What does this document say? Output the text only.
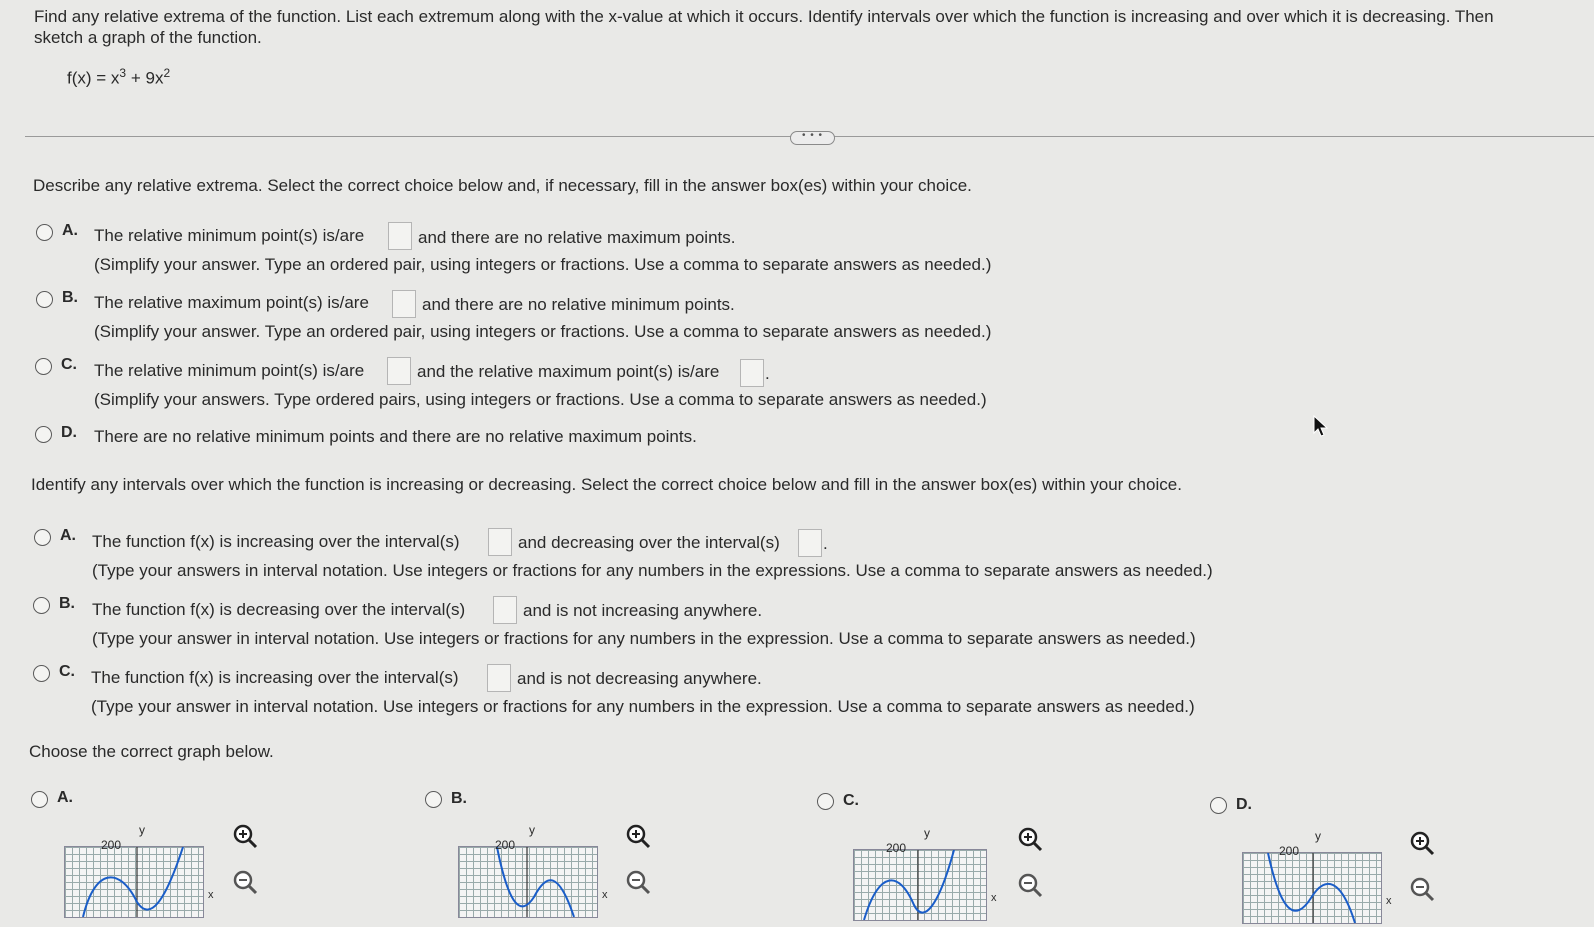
Find any relative extrema of the function. List each extremum along with the x-value at which it occurs. Identify intervals over which the function is increasing and over which it is decreasing. Then
sketch a graph of the function.
$f(x) = x^3 + 9x^2$
• • •
Describe any relative extrema. Select the correct choice below and, if necessary, fill in the answer box(es) within your choice.
A. The relative minimum point(s) is/are	and there are no relative maximum points.
(Simplify your answer. Type an ordered pair, using integers or fractions. Use a comma to separate answers as needed.)
B. The relative maximum point(s) is/are	and there are no relative minimum points.
(Simplify your answer. Type an ordered pair, using integers or fractions. Use a comma to separate answers as needed.)
C. The relative minimum point(s) is/are	and the relative maximum point(s) is/are	.
(Simplify your answers. Type ordered pairs, using integers or fractions. Use a comma to separate answers as needed.)
D. There are no relative minimum points and there are no relative maximum points.
Identify any intervals over which the function is increasing or decreasing. Select the correct choice below and fill in the answer box(es) within your choice.
A. The function f(x) is increasing over the interval(s)	and decreasing over the interval(s)	.
(Type your answers in interval notation. Use integers or fractions for any numbers in the expressions. Use a comma to separate answers as needed.)
B. The function f(x) is decreasing over the interval(s)	and is not increasing anywhere.
(Type your answer in interval notation. Use integers or fractions for any numbers in the expression. Use a comma to separate answers as needed.)
C. The function f(x) is increasing over the interval(s)	and is not decreasing anywhere.
(Type your answer in interval notation. Use integers or fractions for any numbers in the expression. Use a comma to separate answers as needed.)
Choose the correct graph below.
A.
200
y
x
B.
200
y
x
C.
200
y
x
D.
200
y
x
